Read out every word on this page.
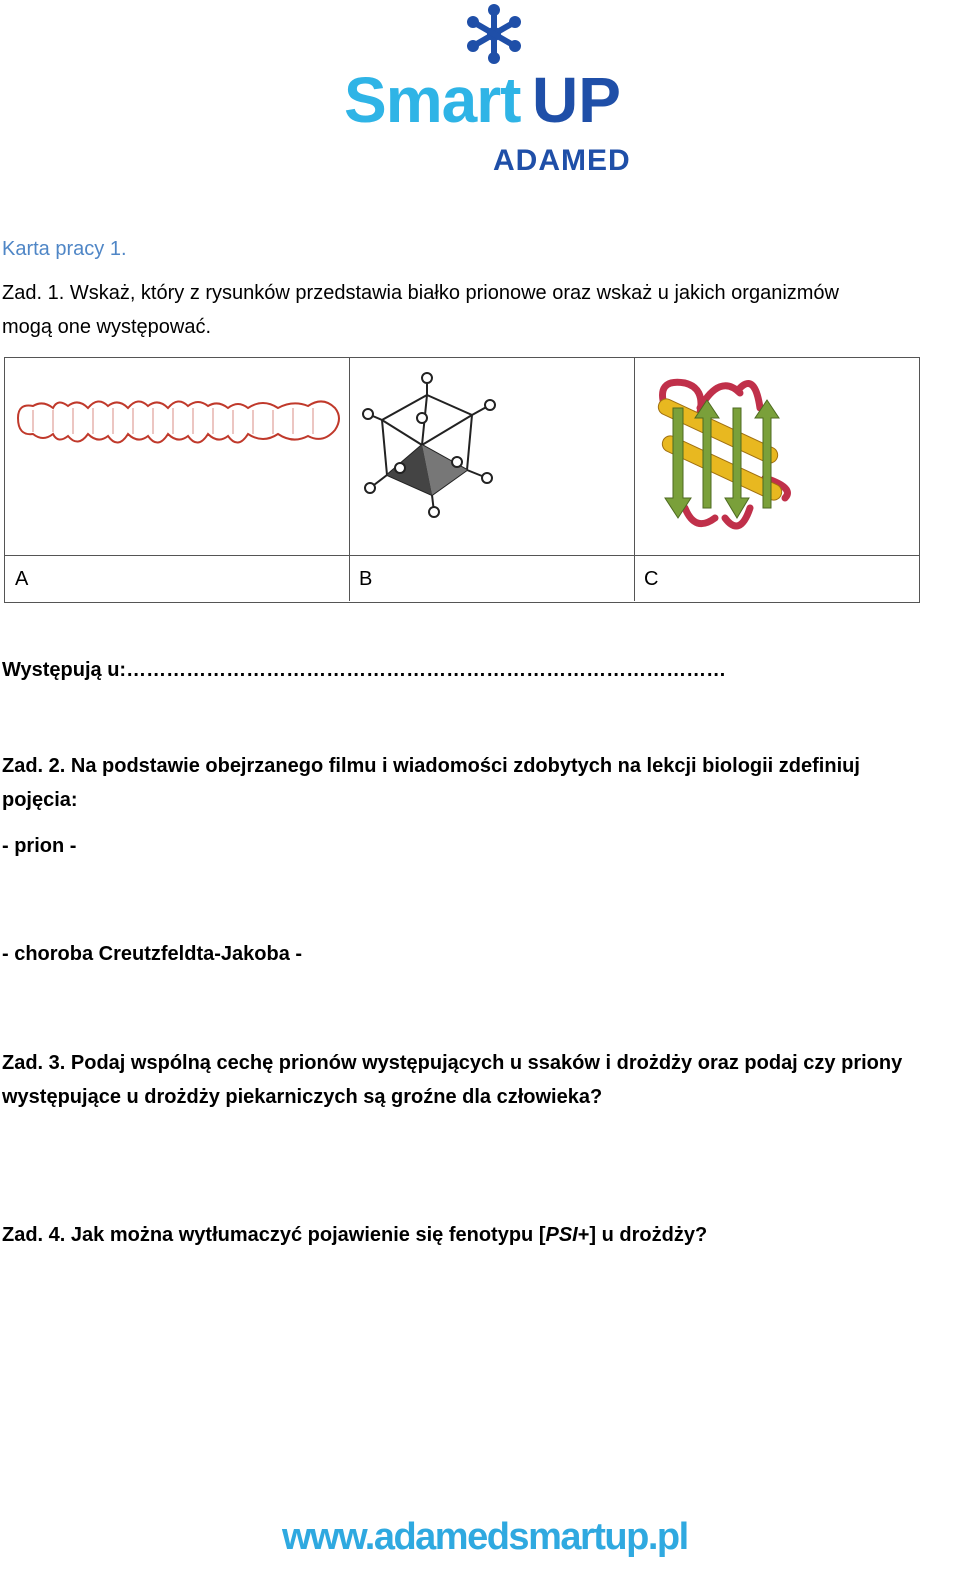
Smart UP
ADAMED
Karta pracy 1.
Zad. 1. Wskaż, który z rysunków przedstawia białko prionowe oraz wskaż u jakich organizmów
mogą one występować.
A	B	C
Występują u:………………………………………………………………………………
Zad. 2. Na podstawie obejrzanego filmu i wiadomości zdobytych na lekcji biologii zdefiniuj
pojęcia:
- prion -
- choroba Creutzfeldta-Jakoba -
Zad. 3. Podaj wspólną cechę prionów występujących u ssaków i drożdży oraz podaj czy priony
występujące u drożdży piekarniczych są groźne dla człowieka?
Zad. 4. Jak można wytłumaczyć pojawienie się fenotypu [PSI+] u drożdży?
www.adamedsmartup.pl
